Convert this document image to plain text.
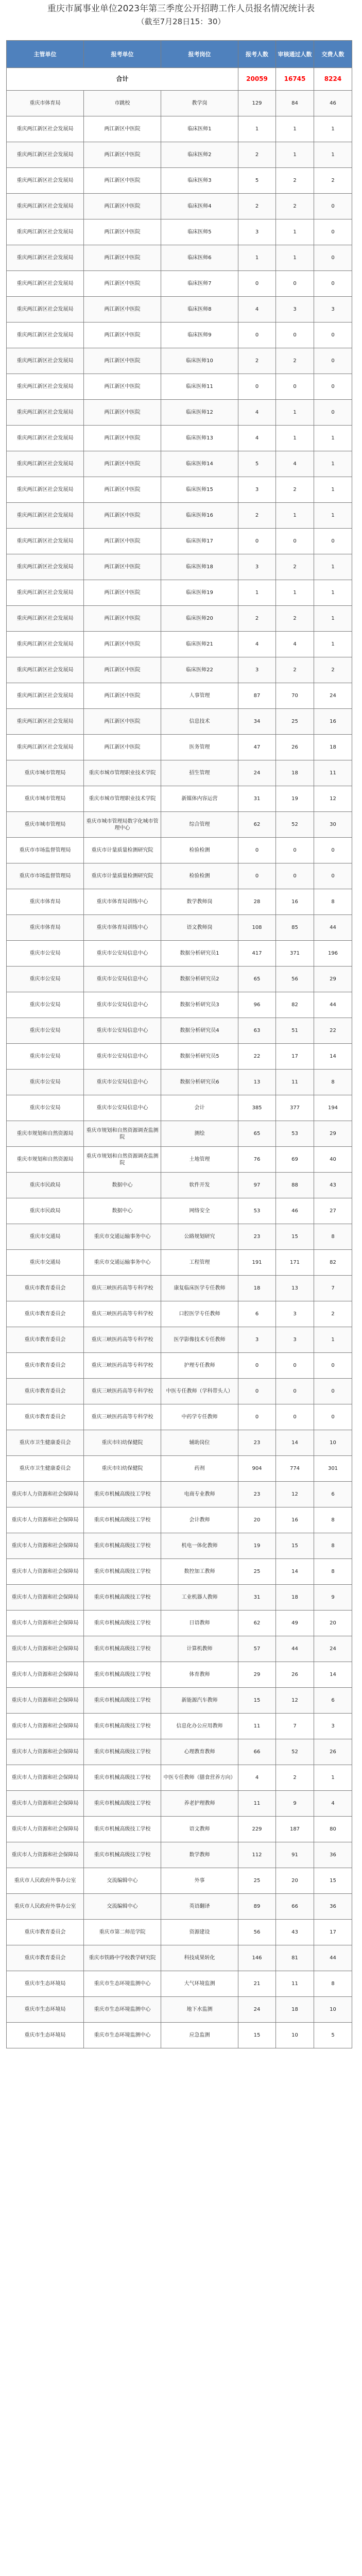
重庆市属事业单位2023年第三季度公开招聘工作人员报名情况统计表
（截至7月28日15：30）
主管单位	报考单位	报考岗位	报考人数	审核通过人数	交费人数
合计			20059	16745	8224
重庆市体育局	市跳校	教学岗	129	84	46
重庆两江新区社会发展局	两江新区中医院	临床医师1	1	1	1
重庆两江新区社会发展局	两江新区中医院	临床医师2	2	1	1
重庆两江新区社会发展局	两江新区中医院	临床医师3	5	2	2
重庆两江新区社会发展局	两江新区中医院	临床医师4	2	2	0
重庆两江新区社会发展局	两江新区中医院	临床医师5	3	1	0
重庆两江新区社会发展局	两江新区中医院	临床医师6	1	1	0
重庆两江新区社会发展局	两江新区中医院	临床医师7	0	0	0
重庆两江新区社会发展局	两江新区中医院	临床医师8	4	3	3
重庆两江新区社会发展局	两江新区中医院	临床医师9	0	0	0
重庆两江新区社会发展局	两江新区中医院	临床医师10	2	2	0
重庆两江新区社会发展局	两江新区中医院	临床医师11	0	0	0
重庆两江新区社会发展局	两江新区中医院	临床医师12	4	1	0
重庆两江新区社会发展局	两江新区中医院	临床医师13	4	1	1
重庆两江新区社会发展局	两江新区中医院	临床医师14	5	4	1
重庆两江新区社会发展局	两江新区中医院	临床医师15	3	2	1
重庆两江新区社会发展局	两江新区中医院	临床医师16	2	1	1
重庆两江新区社会发展局	两江新区中医院	临床医师17	0	0	0
重庆两江新区社会发展局	两江新区中医院	临床医师18	3	2	1
重庆两江新区社会发展局	两江新区中医院	临床医师19	1	1	1
重庆两江新区社会发展局	两江新区中医院	临床医师20	2	2	1
重庆两江新区社会发展局	两江新区中医院	临床医师21	4	4	1
重庆两江新区社会发展局	两江新区中医院	临床医师22	3	2	2
重庆两江新区社会发展局	两江新区中医院	人事管理	87	70	24
重庆两江新区社会发展局	两江新区中医院	信息技术	34	25	16
重庆两江新区社会发展局	两江新区中医院	医务管理	47	26	18
重庆市城市管理局	重庆市城市管理职业技术学院	招生管理	24	18	11
重庆市城市管理局	重庆市城市管理职业技术学院	新媒体内容运营	31	19	12
重庆市城市管理局	重庆市城市管理局数字化城市管理中心	综合管理	62	52	30
重庆市市场监督管理局	重庆市计量质量检测研究院	检验检测	0	0	0
重庆市市场监督管理局	重庆市计量质量检测研究院	检验检测	0	0	0
重庆市体育局	重庆市体育局训练中心	数学教师岗	28	16	8
重庆市体育局	重庆市体育局训练中心	语文教师岗	108	85	44
重庆市公安局	重庆市公安局信息中心	数据分析研究员1	417	371	196
重庆市公安局	重庆市公安局信息中心	数据分析研究员2	65	56	29
重庆市公安局	重庆市公安局信息中心	数据分析研究员3	96	82	44
重庆市公安局	重庆市公安局信息中心	数据分析研究员4	63	51	22
重庆市公安局	重庆市公安局信息中心	数据分析研究员5	22	17	14
重庆市公安局	重庆市公安局信息中心	数据分析研究员6	13	11	8
重庆市公安局	重庆市公安局信息中心	会计	385	377	194
重庆市规划和自然资源局	重庆市规划和自然资源调查监测院	测绘	65	53	29
重庆市规划和自然资源局	重庆市规划和自然资源调查监测院	土地管理	76	69	40
重庆市民政局	数据中心	软件开发	97	88	43
重庆市民政局	数据中心	网络安全	53	46	27
重庆市交通局	重庆市交通运输事务中心	公路规划研究	23	15	8
重庆市交通局	重庆市交通运输事务中心	工程管理	191	171	82
重庆市教育委员会	重庆三峡医药高等专科学校	康复临床医学专任教师	18	13	7
重庆市教育委员会	重庆三峡医药高等专科学校	口腔医学专任教师	6	3	2
重庆市教育委员会	重庆三峡医药高等专科学校	医学影像技术专任教师	3	3	1
重庆市教育委员会	重庆三峡医药高等专科学校	护理专任教师	0	0	0
重庆市教育委员会	重庆三峡医药高等专科学校	中医专任教师（学科带头人）	0	0	0
重庆市教育委员会	重庆三峡医药高等专科学校	中药学专任教师	0	0	0
重庆市卫生健康委员会	重庆市妇幼保健院	辅助岗位	23	14	10
重庆市卫生健康委员会	重庆市妇幼保健院	药剂	904	774	301
重庆市人力资源和社会保障局	重庆市机械高级技工学校	电商专业教师	23	12	6
重庆市人力资源和社会保障局	重庆市机械高级技工学校	会计教师	20	16	8
重庆市人力资源和社会保障局	重庆市机械高级技工学校	机电一体化教师	19	15	8
重庆市人力资源和社会保障局	重庆市机械高级技工学校	数控加工教师	25	14	8
重庆市人力资源和社会保障局	重庆市机械高级技工学校	工业机器人教师	31	18	9
重庆市人力资源和社会保障局	重庆市机械高级技工学校	日语教师	62	49	20
重庆市人力资源和社会保障局	重庆市机械高级技工学校	计算机教师	57	44	24
重庆市人力资源和社会保障局	重庆市机械高级技工学校	体育教师	29	26	14
重庆市人力资源和社会保障局	重庆市机械高级技工学校	新能源汽车教师	15	12	6
重庆市人力资源和社会保障局	重庆市机械高级技工学校	信息化办公应用教师	11	7	3
重庆市人力资源和社会保障局	重庆市机械高级技工学校	心理教育教师	66	52	26
重庆市人力资源和社会保障局	重庆市机械高级技工学校	中医专任教师（膳食营养方向）	4	2	1
重庆市人力资源和社会保障局	重庆市机械高级技工学校	养老护理教师	11	9	4
重庆市人力资源和社会保障局	重庆市机械高级技工学校	语文教师	229	187	80
重庆市人力资源和社会保障局	重庆市机械高级技工学校	数学教师	112	91	36
重庆市人民政府外事办公室	交流编辑中心	外事	25	20	15
重庆市人民政府外事办公室	交流编辑中心	英语翻译	89	66	36
重庆市教育委员会	重庆市第二师范学院	资源建设	56	43	17
重庆市教育委员会	重庆市铁路中学校教学研究院	科技成果转化	146	81	44
重庆市生态环境局	重庆市生态环境监测中心	大气环境监测	21	11	8
重庆市生态环境局	重庆市生态环境监测中心	地下水监测	24	18	10
重庆市生态环境局	重庆市生态环境监测中心	应急监测	15	10	5
